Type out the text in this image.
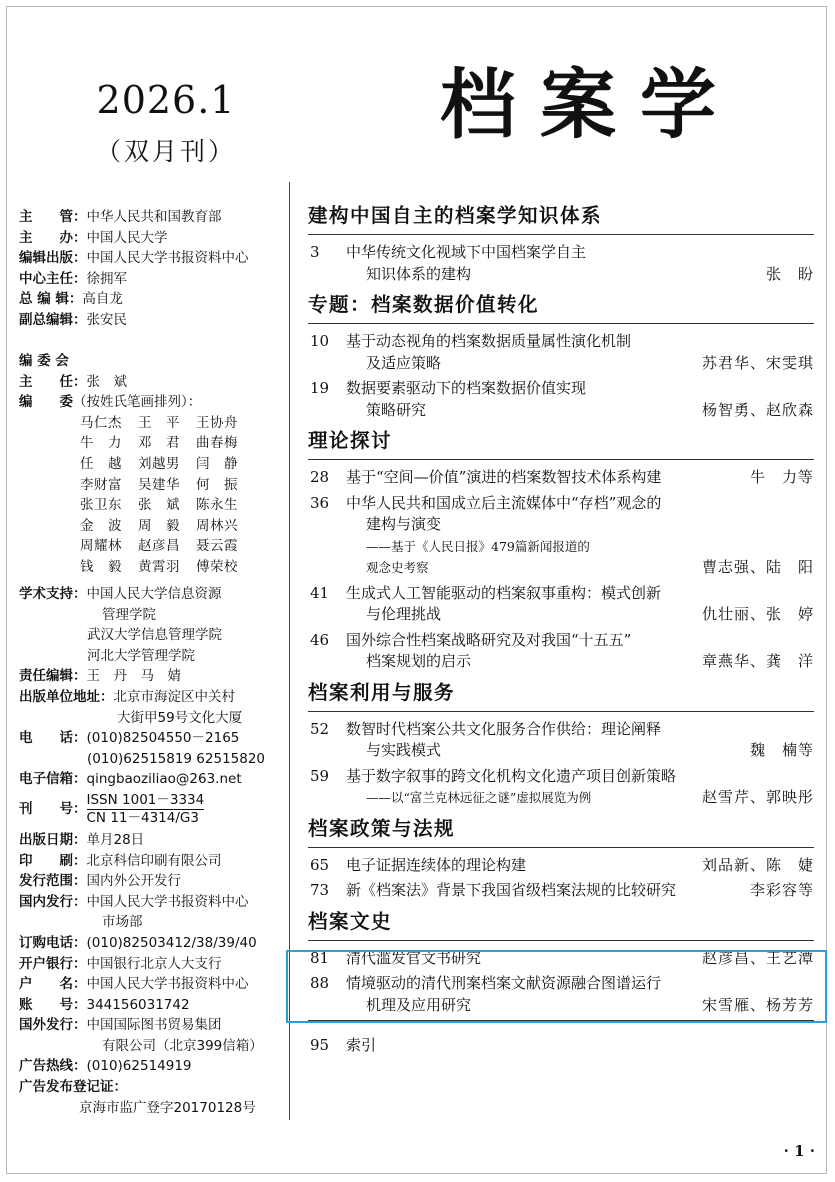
2026.1
（双月刊）
档案学
主　　管： 中华人民共和国教育部
主　　办： 中国人民大学
编辑出版： 中国人民大学书报资料中心
中心主任： 徐拥军
总 编 辑： 高自龙
副总编辑： 张安民
编 委 会
主　　任： 张　斌
编　　委 （按姓氏笔画排列）：
马仁杰	王　平	王协舟
牛　力	邓　君	曲春梅
任　越	刘越男	闫　静
李财富	吴建华	何　振
张卫东	张　斌	陈永生
金　波	周　毅	周林兴
周耀林	赵彦昌	聂云霞
钱　毅	黄霄羽	傅荣校
学术支持： 中国人民大学信息资源
管理学院
武汉大学信息管理学院
河北大学管理学院
责任编辑： 王　丹　马　婧
出版单位地址： 北京市海淀区中关村
大街甲59号文化大厦
电　　话： (010)82504550－2165
(010)62515819 62515820
电子信箱： qingbaoziliao@263.net
刊　　号：
ISSN 1001－3334
CN 11－4314/G3
出版日期： 单月28日
印　　刷： 北京科信印刷有限公司
发行范围： 国内外公开发行
国内发行： 中国人民大学书报资料中心
市场部
订购电话： (010)82503412/38/39/40
开户银行： 中国银行北京人大支行
户　　名： 中国人民大学书报资料中心
账　　号： 344156031742
国外发行： 中国国际图书贸易集团
有限公司（北京399信箱）
广告热线： (010)62514919
广告发布登记证：
京海市监广登字20170128号
建构中国自主的档案学知识体系
3	中华传统文化视域下中国档案学自主
知识体系的建构	张　盼
专题：档案数据价值转化
10	基于动态视角的档案数据质量属性演化机制
及适应策略	苏君华、宋雯琪
19	数据要素驱动下的档案数据价值实现
策略研究	杨智勇、赵欣森
理论探讨
28	基于“空间—价值”演进的档案数智技术体系构建	牛　力等
36	中华人民共和国成立后主流媒体中“存档”观念的
建构与演变
——基于《人民日报》479篇新闻报道的
观念史考察	曹志强、陆　阳
41	生成式人工智能驱动的档案叙事重构：模式创新
与伦理挑战	仇壮丽、张　婷
46	国外综合性档案战略研究及对我国“十五五”
档案规划的启示	章燕华、龚　洋
档案利用与服务
52	数智时代档案公共文化服务合作供给：理论阐释
与实践模式	魏　楠等
59	基于数字叙事的跨文化机构文化遗产项目创新策略
——以“富兰克林远征之谜”虚拟展览为例	赵雪芹、郭映彤
档案政策与法规
65	电子证据连续体的理论构建	刘品新、陈　婕
73	新《档案法》背景下我国省级档案法规的比较研究	李彩容等
档案文史
81	清代滥发官文书研究	赵彦昌、王艺潭
88	情境驱动的清代刑案档案文献资源融合图谱运行
机理及应用研究	宋雪雁、杨芳芳
95	索引
· 1 ·
